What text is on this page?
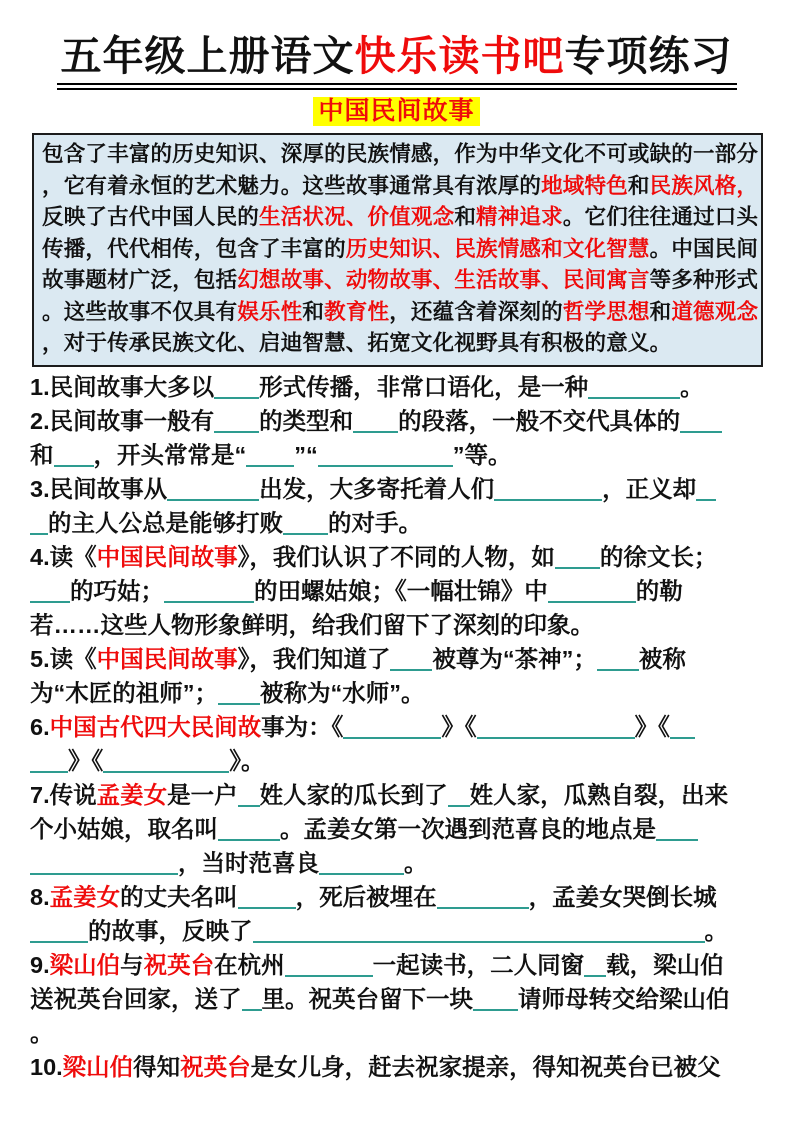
五年级上册语文快乐读书吧专项练习
中国民间故事
包含了丰富的历史知识、深厚的民族情感，作为中华文化不可或缺的一部分
，它有着永恒的艺术魅力。这些故事通常具有浓厚的地域特色和民族风格，
反映了古代中国人民的生活状况、价值观念和精神追求。它们往往通过口头
传播，代代相传，包含了丰富的历史知识、民族情感和文化智慧。中国民间
故事题材广泛，包括幻想故事、动物故事、生活故事、民间寓言等多种形式
。这些故事不仅具有娱乐性和教育性，还蕴含着深刻的哲学思想和道德观念
，对于传承民族文化、启迪智慧、拓宽文化视野具有积极的意义。
1.民间故事大多以 形式传播，非常口语化，是一种	。
2.民间故事一般有 的类型和 的段落，一般不交代具体的
和 ，开头常常是“ ”“	”等。
3.民间故事从	出发，大多寄托着人们	，正义却
的主人公总是能够打败 的对手。
4.读《中国民间故事》，我们认识了不同的人物，如 的徐文长；
的巧姑；	的田螺姑娘；《一幅壮锦》中	的勒
若……这些人物形象鲜明，给我们留下了深刻的印象。
5.读《中国民间故事》，我们知道了 被尊为“茶神”； 被称
为“木匠的祖师”； 被称为“水师”。
6.中国古代四大民间故事为：《	》《	》《
》《	》。
7.传说孟姜女是一户 姓人家的瓜长到了 姓人家，瓜熟自裂，出来
个小姑娘，取名叫	。孟姜女第一次遇到范喜良的地点是
，当时范喜良	。
8.孟姜女的丈夫名叫 ，死后被埋在	，孟姜女哭倒长城
的故事，反映了	。
9.梁山伯与祝英台在杭州	一起读书，二人同窗 载，梁山伯
送祝英台回家，送了 里。祝英台留下一块 请师母转交给梁山伯
。
10.梁山伯得知祝英台是女儿身，赶去祝家提亲，得知祝英台已被父
